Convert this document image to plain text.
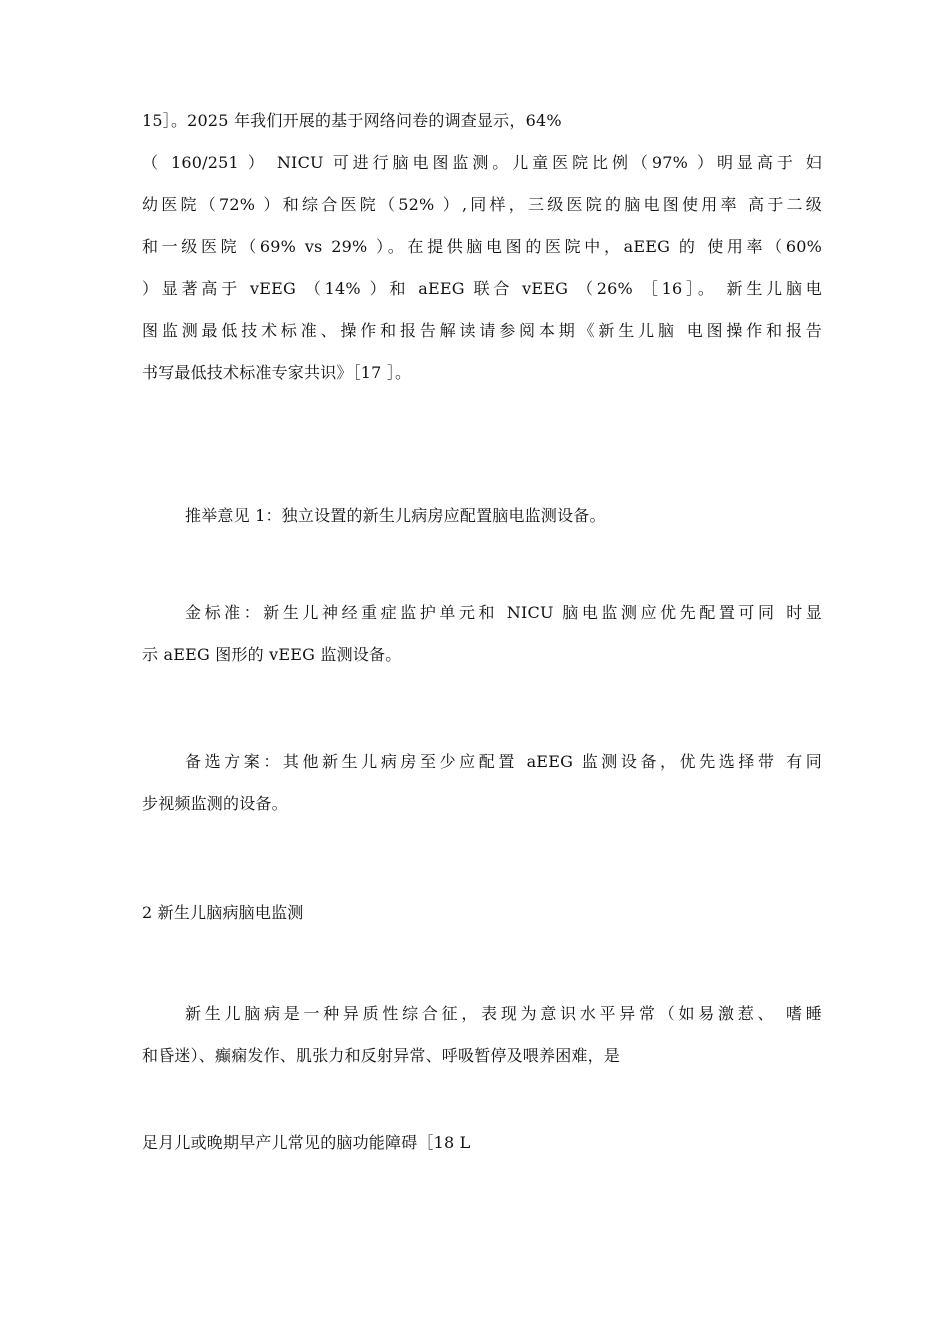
15］。2025 年我们开展的基于网络问卷的调查显示，64%
（ 160/251 ） NICU 可进行脑电图监测。儿童医院比例（97% ）明显高于 妇
幼医院（72% ）和综合医院（52% ）,同样，三级医院的脑电图使用率 高于二级
和一级医院（69% vs 29% ）。在提供脑电图的医院中，aEEG 的 使用率（60%
）显著高于 vEEG （14% ）和 aEEG 联合 vEEG （26% ［16］。 新生儿脑电
图监测最低技术标准、操作和报告解读请参阅本期《新生儿脑 电图操作和报告
书写最低技术标准专家共识》［17 ］。
推举意见 1：独立设置的新生儿病房应配置脑电监测设备。
金标准：新生儿神经重症监护单元和 NICU 脑电监测应优先配置可同 时显
示 aEEG 图形的 vEEG 监测设备。
备选方案：其他新生儿病房至少应配置 aEEG 监测设备，优先选择带 有同
步视频监测的设备。
2 新生儿脑病脑电监测
新生儿脑病是一种异质性综合征，表现为意识水平异常（如易激惹、 嗜睡
和昏迷）、癫痫发作、肌张力和反射异常、呼吸暂停及喂养困难，是
足月儿或晚期早产儿常见的脑功能障碍［18 L
